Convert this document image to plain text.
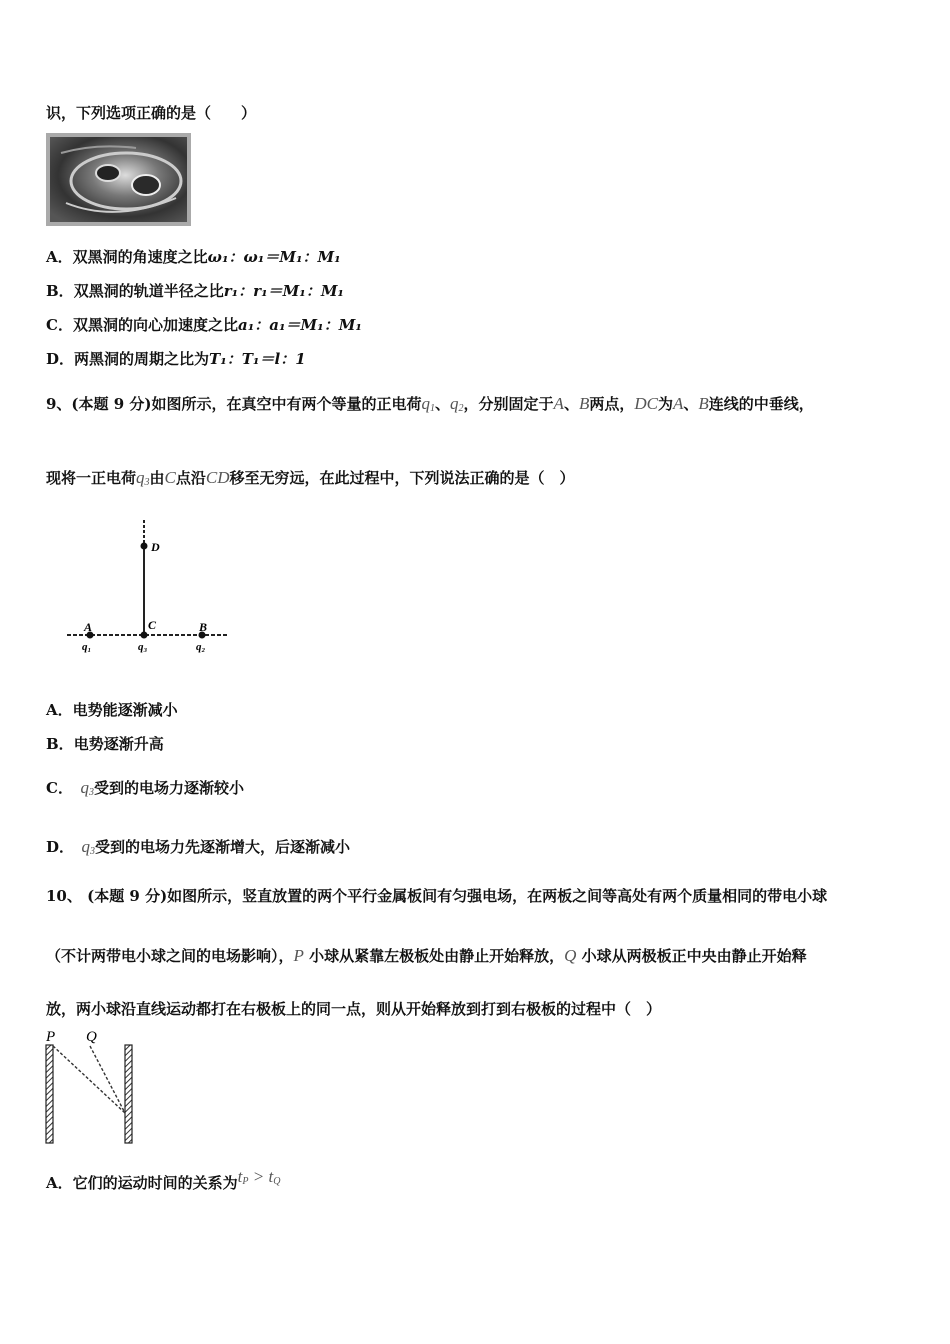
识，下列选项正确的是（　　）
A．双黑洞的角速度之比ω₁：ω₁＝M₁：M₁
B．双黑洞的轨道半径之比r₁：r₁＝M₁：M₁
C．双黑洞的向心加速度之比a₁：a₁＝M₁：M₁
D．两黑洞的周期之比为T₁：T₁＝l：1
9、(本题 9 分)如图所示，在真空中有两个等量的正电荷$q_1$、$q_2$，分别固定于A、B两点，DC为A、B连线的中垂线，
现将一正电荷$q_3$由C点沿CD移至无穷远，在此过程中，下列说法正确的是（　）
D
C
A	B
q₁	q₃	q₂
A．电势能逐渐减小
B．电势逐渐升高
C．　 $q_3$受到的电场力逐渐较小
D．　 $q_3$受到的电场力先逐渐增大，后逐渐减小
10、 (本题 9 分)如图所示，竖直放置的两个平行金属板间有匀强电场，在两板之间等高处有两个质量相同的带电小球
（不计两带电小球之间的电场影响），P 小球从紧靠左极板处由静止开始释放，Q 小球从两极板正中央由静止开始释
放，两小球沿直线运动都打在右极板上的同一点，则从开始释放到打到右极板的过程中（　）
P Q
A．它们的运动时间的关系为$t_P > t_Q$
